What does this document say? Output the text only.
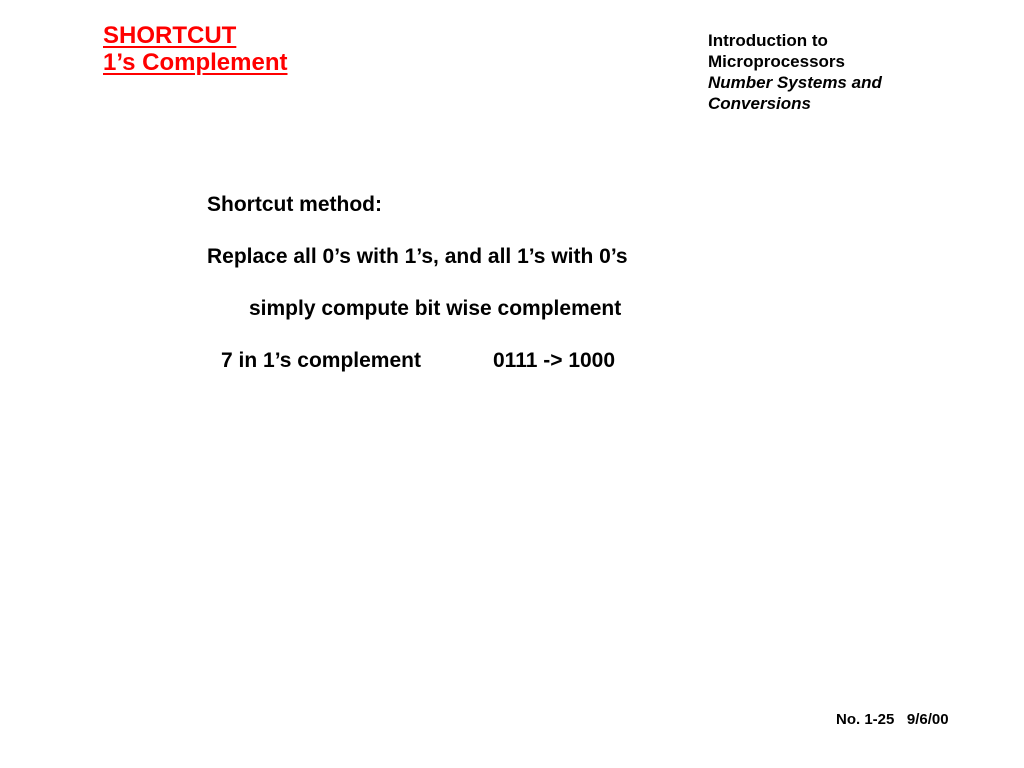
SHORTCUT
1’s Complement
Introduction to
Microprocessors
Number Systems and
Conversions
Shortcut method:
Replace all 0’s with 1’s, and all 1’s with 0’s
simply compute bit wise complement
7 in 1’s complement	0111 -> 1000
No. 1-25 9/6/00
